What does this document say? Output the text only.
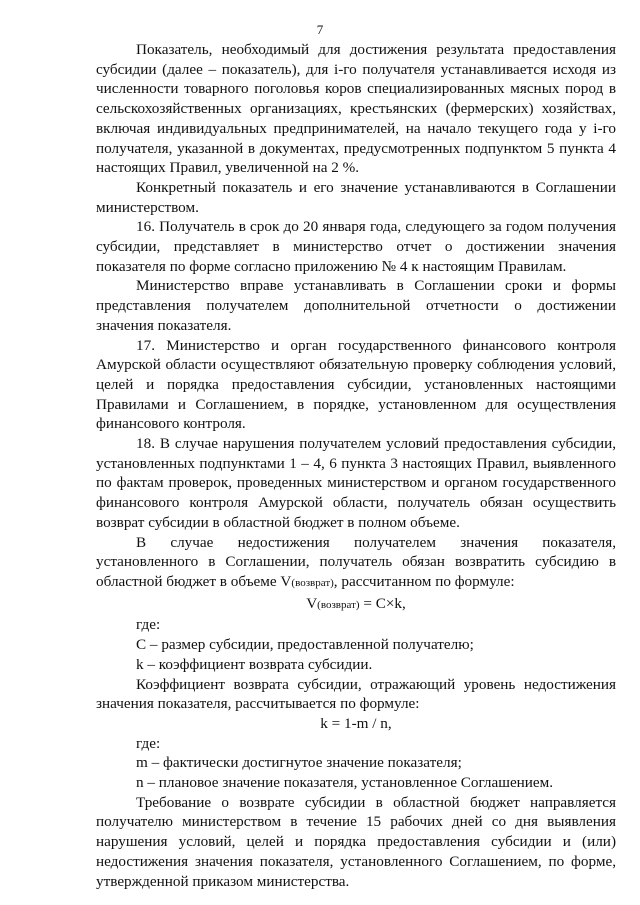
7

Показатель, необходимый для достижения результата предоставления субсидии (далее – показатель), для i-го получателя устанавливается исходя из численности товарного поголовья коров специализированных мясных пород в сельскохозяйственных организациях, крестьянских (фермерских) хозяйствах, включая индивидуальных предпринимателей, на начало текущего года у i-го получателя, указанной в документах, предусмотренных подпунктом 5 пункта 4 настоящих Правил, увеличенной на 2 %.

Конкретный показатель и его значение устанавливаются в Соглашении министерством.

16. Получатель в срок до 20 января года, следующего за годом получения субсидии, представляет в министерство отчет о достижении значения показателя по форме согласно приложению № 4 к настоящим Правилам.

Министерство вправе устанавливать в Соглашении сроки и формы представления получателем дополнительной отчетности о достижении значения показателя.

17. Министерство и орган государственного финансового контроля Амурской области осуществляют обязательную проверку соблюдения условий, целей и порядка предоставления субсидии, установленных настоящими Правилами и Соглашением, в порядке, установленном для осуществления финансового контроля.

18. В случае нарушения получателем условий предоставления субсидии, установленных подпунктами 1 – 4, 6 пункта 3 настоящих Правил, выявленного по фактам проверок, проведенных министерством и органом государственного финансового контроля Амурской области, получатель обязан осуществить возврат субсидии в областной бюджет в полном объеме.

В случае недостижения получателем значения показателя, установленного в Соглашении, получатель обязан возвратить субсидию в областной бюджет в объеме V(возврат), рассчитанном по формуле:

V(возврат) = C×k,

где:

C – размер субсидии, предоставленной получателю;

k – коэффициент возврата субсидии.

Коэффициент возврата субсидии, отражающий уровень недостижения значения показателя, рассчитывается по формуле:

k = 1-m / n,

где:

m – фактически достигнутое значение показателя;

n – плановое значение показателя, установленное Соглашением.

Требование о возврате субсидии в областной бюджет направляется получателю министерством в течение 15 рабочих дней со дня выявления нарушения условий, целей и порядка предоставления субсидии и (или) недостижения значения показателя, установленного Соглашением, по форме, утвержденной приказом министерства.
